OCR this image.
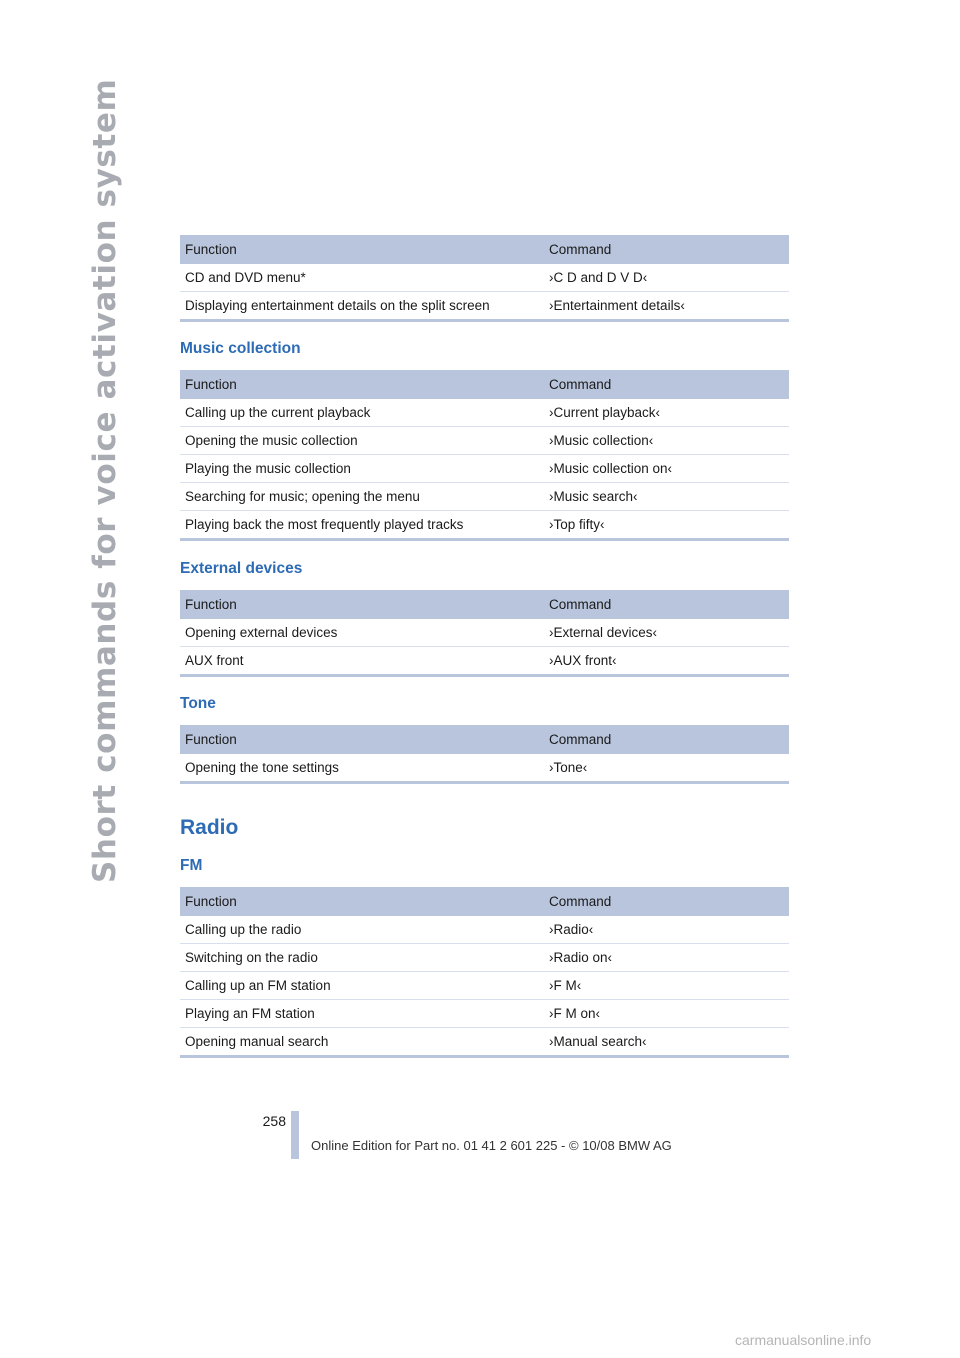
Short commands for voice activation system	Function	Command
CD and DVD menu*	›C D and D V D‹
Displaying entertainment details on the split screen	›Entertainment details‹
Music collection
Function	Command
Calling up the current playback	›Current playback‹
Opening the music collection	›Music collection‹
Playing the music collection	›Music collection on‹
Searching for music; opening the menu	›Music search‹
Playing back the most frequently played tracks	›Top fifty‹
External devices
Function	Command
Opening external devices	›External devices‹
AUX front	›AUX front‹
Tone
Function	Command
Opening the tone settings	›Tone‹
Radio
FM
Function	Command
Calling up the radio	›Radio‹
Switching on the radio	›Radio on‹
Calling up an FM station	›F M‹
Playing an FM station	›F M on‹
Opening manual search	›Manual search‹
258
Online Edition for Part no. 01 41 2 601 225 - © 10/08 BMW AG
carmanualsonline.info
